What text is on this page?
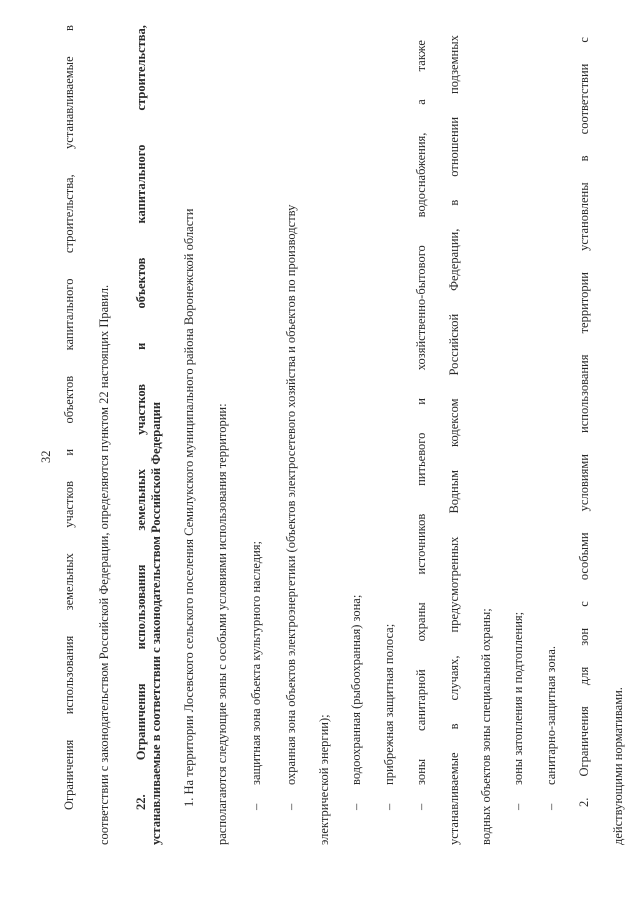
32
Ограничения
использования
земельных
участков
и
объектов
капитального
строительства,
устанавливаемые
в
соответствии с законодательством Российской Федерации, определяются пунктом 22 настоящих Правил. 22.
Ограничения
использования
земельных
участков
и
объектов
капитального
строительства,
устанавливаемые в соответствии с законодательством Российской Федерации 1. На территории Лосевского сельского поселения Семилукского муниципального района Воронежской области располагаются следующие зоны с особыми условиями использования территории: –
защитная зона объекта культурного наследия;
–
охранная зона объектов электроэнергетики (объектов электросетевого хозяйства и объектов по производству электрической энергии); –
водоохранная (рыбоохранная) зона;
–
прибрежная защитная полоса;
–
зоны
санитарной
охраны
источников
питьевого
и
хозяйственно-бытового
водоснабжения,
а
также
устанавливаемые
в
случаях,
предусмотренных
Водным
кодексом
Российской
Федерации,
в
отношении
подземных
водных объектов зоны специальной охраны; –
зоны затопления и подтопления;
–
санитарно-защитная зона.
2.
Ограничения
для
зон
с
особыми
условиями
использования
территории
установлены
в
соответствии
с
действующими нормативами.
